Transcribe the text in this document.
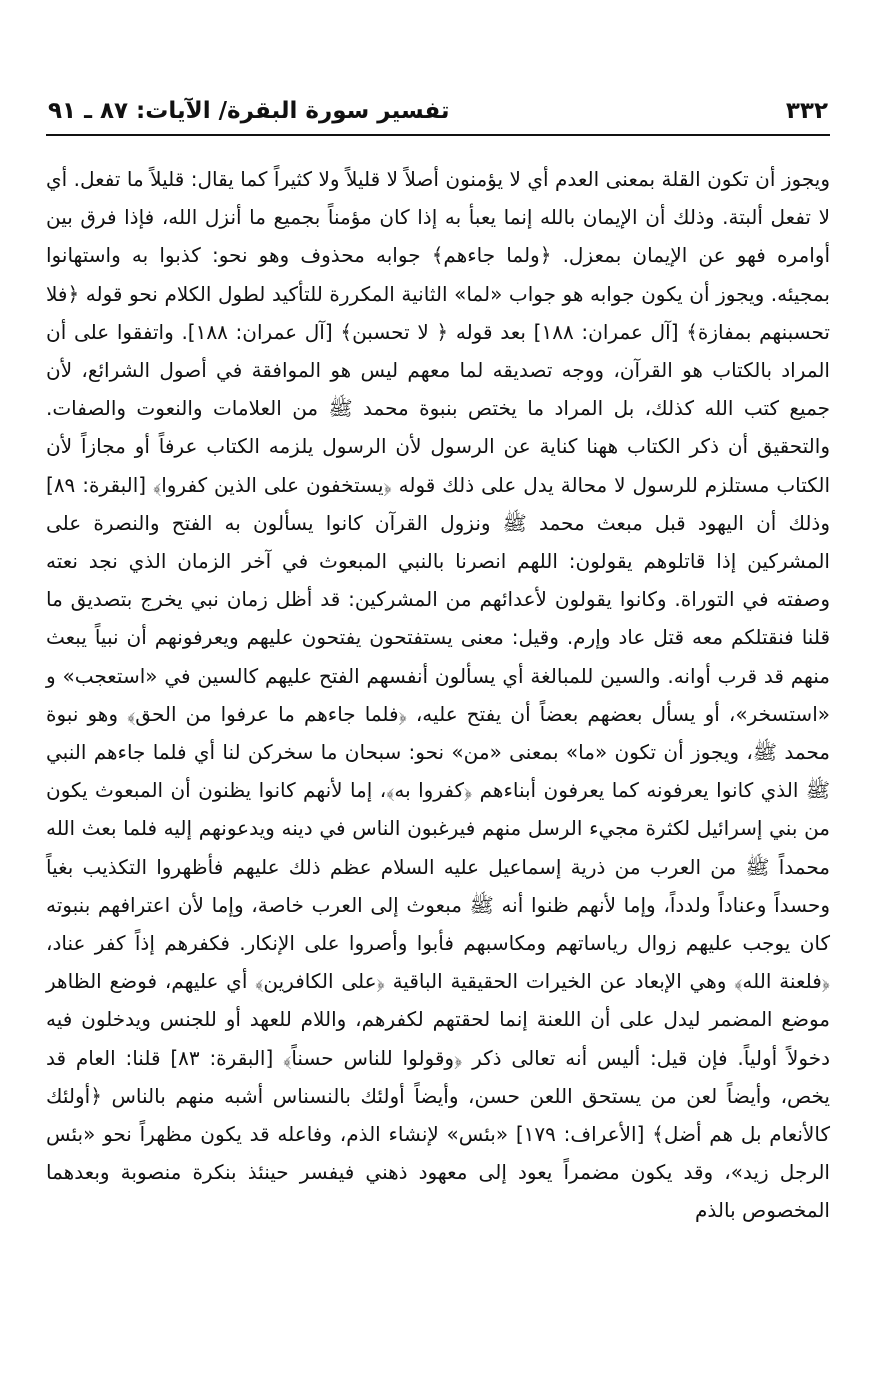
٣٣٢
تفسير سورة البقرة/ الآيات: ٨٧ ـ ٩١

ويجوز أن تكون القلة بمعنى العدم أي لا يؤمنون أصلاً لا قليلاً ولا كثيراً كما يقال: قليلاً ما تفعل. أي لا تفعل ألبتة. وذلك أن الإيمان بالله إنما يعبأ به إذا كان مؤمناً بجميع ما أنزل الله، فإذا فرق بين أوامره فهو عن الإيمان بمعزل. ﴿ولما جاءهم﴾ جوابه محذوف وهو نحو: كذبوا به واستهانوا بمجيئه. ويجوز أن يكون جوابه هو جواب «لما» الثانية المكررة للتأكيد لطول الكلام نحو قوله ﴿فلا تحسبنهم بمفازة﴾ [آل عمران: ١٨٨] بعد قوله ﴿ لا تحسبن﴾ [آل عمران: ١٨٨]. واتفقوا على أن المراد بالكتاب هو القرآن، ووجه تصديقه لما معهم ليس هو الموافقة في أصول الشرائع، لأن جميع كتب الله كذلك، بل المراد ما يختص بنبوة محمد ﷺ من العلامات والنعوت والصفات. والتحقيق أن ذكر الكتاب ههنا كناية عن الرسول لأن الرسول يلزمه الكتاب عرفاً أو مجازاً لأن الكتاب مستلزم للرسول لا محالة يدل على ذلك قوله ﴿يستخفون على الذين كفروا﴾ [البقرة: ٨٩] وذلك أن اليهود قبل مبعث محمد ﷺ ونزول القرآن كانوا يسألون به الفتح والنصرة على المشركين إذا قاتلوهم يقولون: اللهم انصرنا بالنبي المبعوث في آخر الزمان الذي نجد نعته وصفته في التوراة. وكانوا يقولون لأعدائهم من المشركين: قد أظل زمان نبي يخرج بتصديق ما قلنا فنقتلكم معه قتل عاد وإرم. وقيل: معنى يستفتحون يفتحون عليهم ويعرفونهم أن نبياً يبعث منهم قد قرب أوانه. والسين للمبالغة أي يسألون أنفسهم الفتح عليهم كالسين في «استعجب» و «استسخر»، أو يسأل بعضهم بعضاً أن يفتح عليه، ﴿فلما جاءهم ما عرفوا من الحق﴾ وهو نبوة محمد ﷺ، ويجوز أن تكون «ما» بمعنى «من» نحو: سبحان ما سخركن لنا أي فلما جاءهم النبي ﷺ الذي كانوا يعرفونه كما يعرفون أبناءهم ﴿كفروا به﴾، إما لأنهم كانوا يظنون أن المبعوث يكون من بني إسرائيل لكثرة مجيء الرسل منهم فيرغبون الناس في دينه ويدعونهم إليه فلما بعث الله محمداً ﷺ من العرب من ذرية إسماعيل عليه السلام عظم ذلك عليهم فأظهروا التكذيب بغياً وحسداً وعناداً ولدداً، وإما لأنهم ظنوا أنه ﷺ مبعوث إلى العرب خاصة، وإما لأن اعترافهم بنبوته كان يوجب عليهم زوال رياساتهم ومكاسبهم فأبوا وأصروا على الإنكار. فكفرهم إذاً كفر عناد، ﴿فلعنة الله﴾ وهي الإبعاد عن الخيرات الحقيقية الباقية ﴿على الكافرين﴾ أي عليهم، فوضع الظاهر موضع المضمر ليدل على أن اللعنة إنما لحقتهم لكفرهم، واللام للعهد أو للجنس ويدخلون فيه دخولاً أولياً. فإن قيل: أليس أنه تعالى ذكر ﴿وقولوا للناس حسناً﴾ [البقرة: ٨٣] قلنا: العام قد يخص، وأيضاً لعن من يستحق اللعن حسن، وأيضاً أولئك بالنسناس أشبه منهم بالناس ﴿أولئك كالأنعام بل هم أضل﴾ [الأعراف: ١٧٩] «بئس» لإنشاء الذم، وفاعله قد يكون مظهراً نحو «بئس الرجل زيد»، وقد يكون مضمراً يعود إلى معهود ذهني فيفسر حينئذ بنكرة منصوبة وبعدهما المخصوص بالذم
